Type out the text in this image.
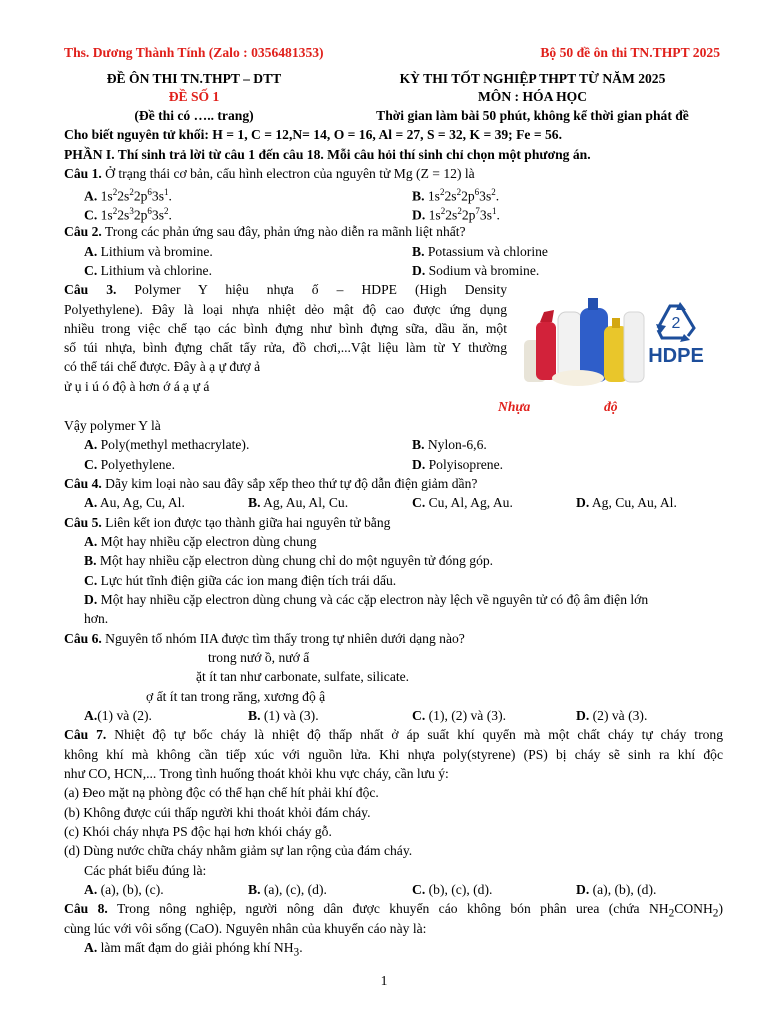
Ths. Dương Thành Tính (Zalo : 0356481353)	Bộ 50 đề ôn thi TN.THPT 2025
ĐỀ ÔN THI TN.THPT – DTT
ĐỀ SỐ 1
(Đề thi có ….. trang)
KỲ THI TỐT NGHIỆP THPT TỪ NĂM 2025
MÔN : HÓA HỌC
Thời gian làm bài 50 phút, không kể thời gian phát đề
Cho biết nguyên tử khối: H = 1, C = 12,N= 14, O = 16, Al = 27, S = 32, K = 39; Fe = 56.
PHẦN I. Thí sinh trả lời từ câu 1 đến câu 18. Mỗi câu hỏi thí sinh chỉ chọn một phương án.
Câu 1. Ở trạng thái cơ bản, cấu hình electron của nguyên tử Mg (Z = 12) là
A. $1s^22s^22p^63s^1$.	B. $1s^22s^22p^63s^2$.
C. $1s^22s^32p^63s^2$.	D. $1s^22s^22p^73s^1$.
Câu 2. Trong các phản ứng sau đây, phản ứng nào diễn ra mãnh liệt nhất?
A. Lithium và bromine.	B. Potassium và chlorine
C. Lithium và chlorine.	D. Sodium và bromine.
Câu 3. Polymer Y hiệu nhựa ố – HDPE (High Density
Polyethylene). Đây là loại nhựa nhiệt dẻo mật độ cao được ứng dụng
nhiều trong việc chế tạo các bình đựng như bình đựng sữa, dầu ăn, một
số túi nhựa, bình đựng chất tẩy rửa, đồ chơi,...Vật liệu làm từ Y thường
có thể tái chế được. Đây à ạ ự đượ ả
ử ụ i ú ó độ à hơn ớ á ạ ự á
2
HDPE
Nhựa	độ
Vậy polymer Y là
A. Poly(methyl methacrylate).	B. Nylon-6,6.
C. Polyethylene.	D. Polyisoprene.
Câu 4. Dãy kim loại nào sau đây sắp xếp theo thứ tự độ dẫn điện giảm dần?
A. Au, Ag, Cu, Al.	B. Ag, Au, Al, Cu.	C. Cu, Al, Ag, Au.	D. Ag, Cu, Au, Al.
Câu 5. Liên kết ion được tạo thành giữa hai nguyên tử bằng
A. Một hay nhiều cặp electron dùng chung
B. Một hay nhiều cặp electron dùng chung chỉ do một nguyên tử đóng góp.
C. Lực hút tĩnh điện giữa các ion mang điện tích trái dấu.
D. Một hay nhiều cặp electron dùng chung và các cặp electron này lệch về nguyên tử có độ âm điện lớn
hơn.
Câu 6. Nguyên tố nhóm IIA được tìm thấy trong tự nhiên dưới dạng nào?
trong nướ ồ, nướ ẩ
ặt ít tan như carbonate, sulfate, silicate.
ợ ất ít tan trong răng, xương độ ậ
A.(1) và (2).	B. (1) và (3).	C. (1), (2) và (3).	D. (2) và (3).
Câu 7. Nhiệt độ tự bốc cháy là nhiệt độ thấp nhất ở áp suất khí quyển mà một chất cháy tự cháy trong
không khí mà không cần tiếp xúc với nguồn lửa. Khi nhựa poly(styrene) (PS) bị cháy sẽ sinh ra khí độc
như CO, HCN,... Trong tình huống thoát khỏi khu vực cháy, cần lưu ý:
(a) Đeo mặt nạ phòng độc có thể hạn chế hít phải khí độc.
(b) Không được cúi thấp người khi thoát khỏi đám cháy.
(c) Khói cháy nhựa PS độc hại hơn khói cháy gỗ.
(d) Dùng nước chữa cháy nhằm giảm sự lan rộng của đám cháy.
Các phát biểu đúng là:
A. (a), (b), (c).	B. (a), (c), (d).	C. (b), (c), (d).	D. (a), (b), (d).
Câu 8. Trong nông nghiệp, người nông dân được khuyến cáo không bón phân urea (chứa $NH_2CONH_2$)
cùng lúc với vôi sống (CaO). Nguyên nhân của khuyến cáo này là:
A. làm mất đạm do giải phóng khí $NH_3$.
1
